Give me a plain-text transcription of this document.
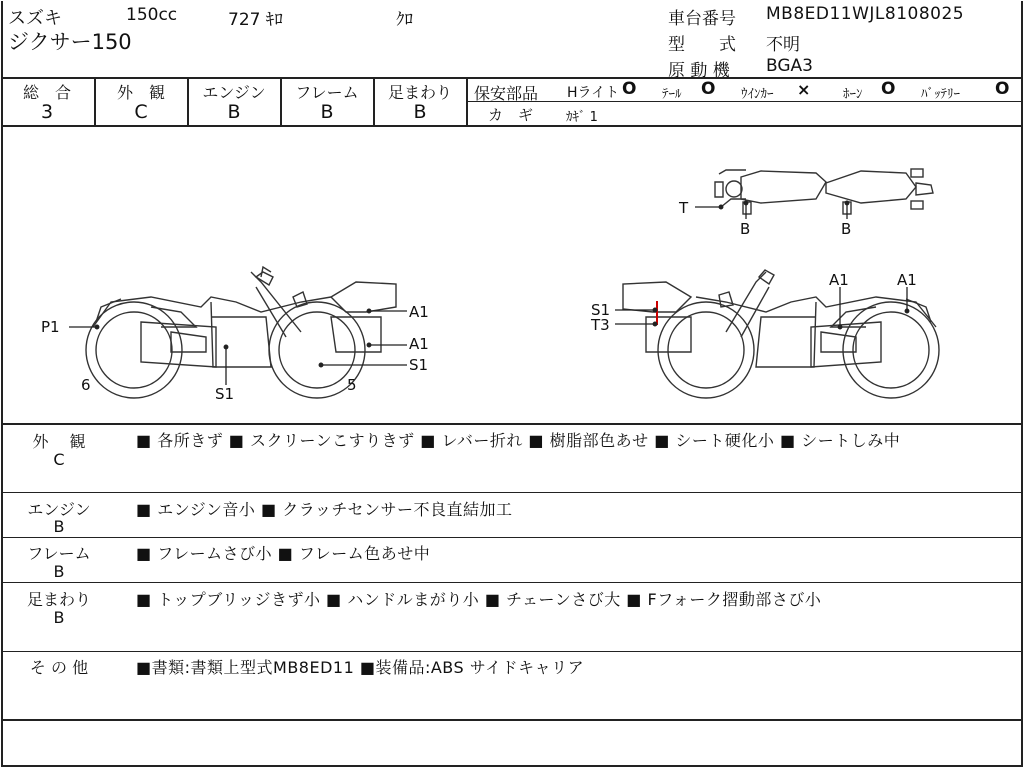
スズキ	150cc	727 ｷﾛ	ｸﾛ
ジクサー150
車台番号 MB8ED11WJL8108025
型　　式 不明
原 動 機 BGA3
総　合
3
外　観
C
エンジン
B
フレーム
B
足まわり
B
保安部品 Hライト O ﾃｰﾙ O ｳｲﾝｶｰ ×	ﾎｰﾝ O ﾊﾞｯﾃﾘｰ O
カ　ギ	ｶｷﾞ 1
A1
A1
S1
P1
6	S1	5
S1
T3
A1	A1
T
B	B
外　 観
C
■ 各所きず ■ スクリーンこすりきず ■ レバー折れ ■ 樹脂部色あせ ■ シート硬化小 ■ シートしみ中
エンジン
B
■ エンジン音小 ■ クラッチセンサー不良直結加工
フレーム
B
■ フレームさび小 ■ フレーム色あせ中
足まわり
B
■ トップブリッジきず小 ■ ハンドルまがり小 ■ チェーンさび大 ■ Fフォーク摺動部さび小
そ の 他	■書類:書類上型式MB8ED11 ■装備品:ABS サイドキャリア
